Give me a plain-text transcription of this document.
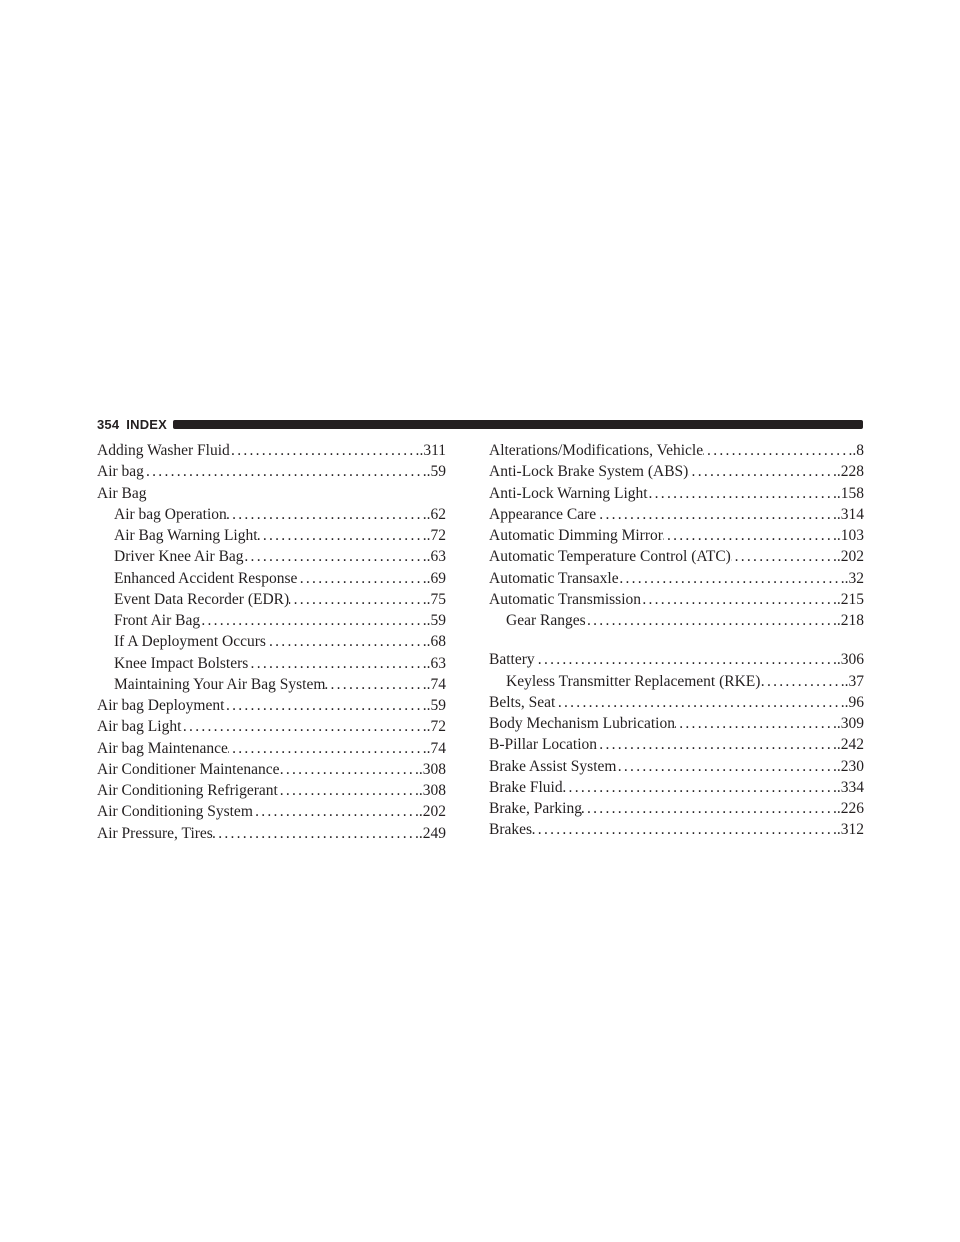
354 INDEX
Adding Washer Fluid . . .	.311
Air bag . . .	.59
Air Bag
Air bag Operation . . .	.62
Air Bag Warning Light . . .	.72
Driver Knee Air Bag . . .	.63
Enhanced Accident Response . . .	.69
Event Data Recorder (EDR) . . .	.75
Front Air Bag . . .	.59
If A Deployment Occurs . . .	.68
Knee Impact Bolsters . . .	.63
Maintaining Your Air Bag System . . .	.74
Air bag Deployment . . .	.59
Air bag Light . . .	.72
Air bag Maintenance . . .	.74
Air Conditioner Maintenance . . .	.308
Air Conditioning Refrigerant . . .	.308
Air Conditioning System . . .	.202
Air Pressure, Tires . . .	.249
Alterations/Modifications, Vehicle . . .	.8
Anti-Lock Brake System (ABS) . . .	.228
Anti-Lock Warning Light . . .	.158
Appearance Care . . .	.314
Automatic Dimming Mirror . . .	.103
Automatic Temperature Control (ATC) . . .	.202
Automatic Transaxle . . .	.32
Automatic Transmission . . .	.215
Gear Ranges . . .	.218
Battery . . .	.306
Keyless Transmitter Replacement (RKE) . . .	.37
Belts, Seat . . .	.96
Body Mechanism Lubrication . . .	.309
B-Pillar Location . . .	.242
Brake Assist System . . .	.230
Brake Fluid . . .	.334
Brake, Parking . . .	.226
Brakes . . .	.312
